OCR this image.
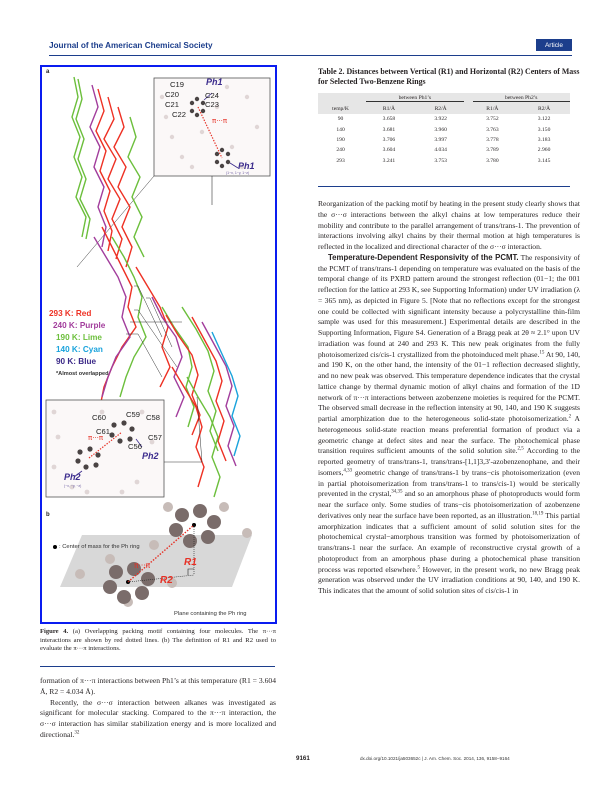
Journal of the American Chemical Society	Article
a
b
C19
C20
C21
C22
C24
C23
Ph1
Ph1
(1−x, 1−y, 1−z)
π···π
293 K: Red
240 K: Purple
190 K: Lime
140 K: Cyan
90 K: Blue
*Almost overlapped
C60	C59 C58
C61
C57
C56
Ph2
Ph2
(−x, −y, −z)
π···π
: Center of mass for the Ph ring
π···π	R1
R2
Plane containing the Ph ring
Figure 4. (a) Overlapping packing motif containing four molecules. The π···π interactions are shown by red dotted lines. (b) The definition of R1 and R2 used to evaluate the π···π interactions.

formation of π···π interactions between Ph1’s at this temperature (R1 = 3.604 Å, R2 = 4.034 Å).

Recently, the σ···σ interaction between alkanes was investigated as significant for molecular stacking. Compared to the π···π interaction, the σ···σ interaction has similar stabilization energy and is more localized and directional.$^{32}$

Table 2. Distances between Vertical (R1) and Horizontal (R2) Centers of Mass for Selected Two-Benzene Rings

	between Ph1’s		between Ph2’s	

temp/K	R1/Å	R2/Å	R1/Å	R2/Å
90	3.658	3.922	3.752	3.122
140	3.681	3.960	3.763	3.150
190	3.706	3.997	3.778	3.183
240	3.604	4.034	3.789	2.960
293	3.241	3.753	3.780	3.145

Reorganization of the packing motif by heating in the present study clearly shows that the σ···σ interactions between the alkyl chains at low temperatures reduce their mobility and contribute to the parallel arrangement of trans/trans-1. The prevention of interactions involving alkyl chains by their thermal motion at high temperatures is reflected in the localized and directional character of the σ···σ interaction.

Temperature-Dependent Responsivity of the PCMT. The responsivity of the PCMT of trans/trans-1 depending on temperature was evaluated on the basis of the temporal change of its PXRD pattern around the strongest reflection (01−1; the 001 reflection for the lattice at 293 K, see Supporting Information) under UV irradiation (λ = 365 nm), as depicted in Figure 5. [Note that no reflections except for the strongest one could be collected with significant intensity because a polycrystalline thin-film sample was used for this measurement.] Experimental details are described in the Supporting Information, Figure S4. Generation of a Bragg peak at 2θ ≈ 2.1° upon UV irradiation was found at 240 and 293 K. This new peak originates from the fully photoisomerized cis/cis-1 crystallized from the photoinduced melt phase.$^{15}$ At 90, 140, and 190 K, on the other hand, the intensity of the 01−1 reflection decreased slightly, and no new peak was observed. This temperature dependence indicates that the crystal lattice change by thermal dynamic motion of alkyl chains and formation of the 1D network of π···π interactions between azobenzene moieties is required for the PCMT. The observed small decrease in the reflection intensity at 90, 140, and 190 K suggests partial amorphization due to the heterogeneous solid-state photoisomerization.$^2$ A heterogeneous solid-state reaction means preferential formation of product via a geometric change at defect sites and near the surface. The photochemical phase transition requires sufficient amounts of the solid solution site.$^{2,5}$ According to the reported geometry of trans/trans-1, trans/trans-[1,1]3,3′-azobenzenophane, and their isomers,$^{4,33}$ geometric change of trans/trans-1 by trans−cis photoisomerization (even in partial photoisomerization from trans/trans-1 to trans/cis-1) would be sterically prevented in the crystal,$^{34,35}$ and so an amorphous phase of photoproducts would form near the surface only. Some studies of trans−cis photoisomerization of azobenzene derivatives only near the surface have been reported, as an illustration.$^{18,19}$ This partial amorphization indicates that a sufficient amount of solid solution sites for the photochemical crystal−amorphous transition was formed by photoisomerization of trans/trans-1 near the surface. An example of reconstructive crystal growth of a photoproduct from an amorphous phase during a photochemical phase transition process was reported elsewhere.$^5$ However, in the present work, no new Bragg peak generation was observed under the UV irradiation conditions at 90, 140, and 190 K. This indicates that the amount of solid solution sites of cis/cis-1 in

9161	dx.doi.org/10.1021/ja503652c | J. Am. Chem. Soc. 2014, 136, 9158−9164
